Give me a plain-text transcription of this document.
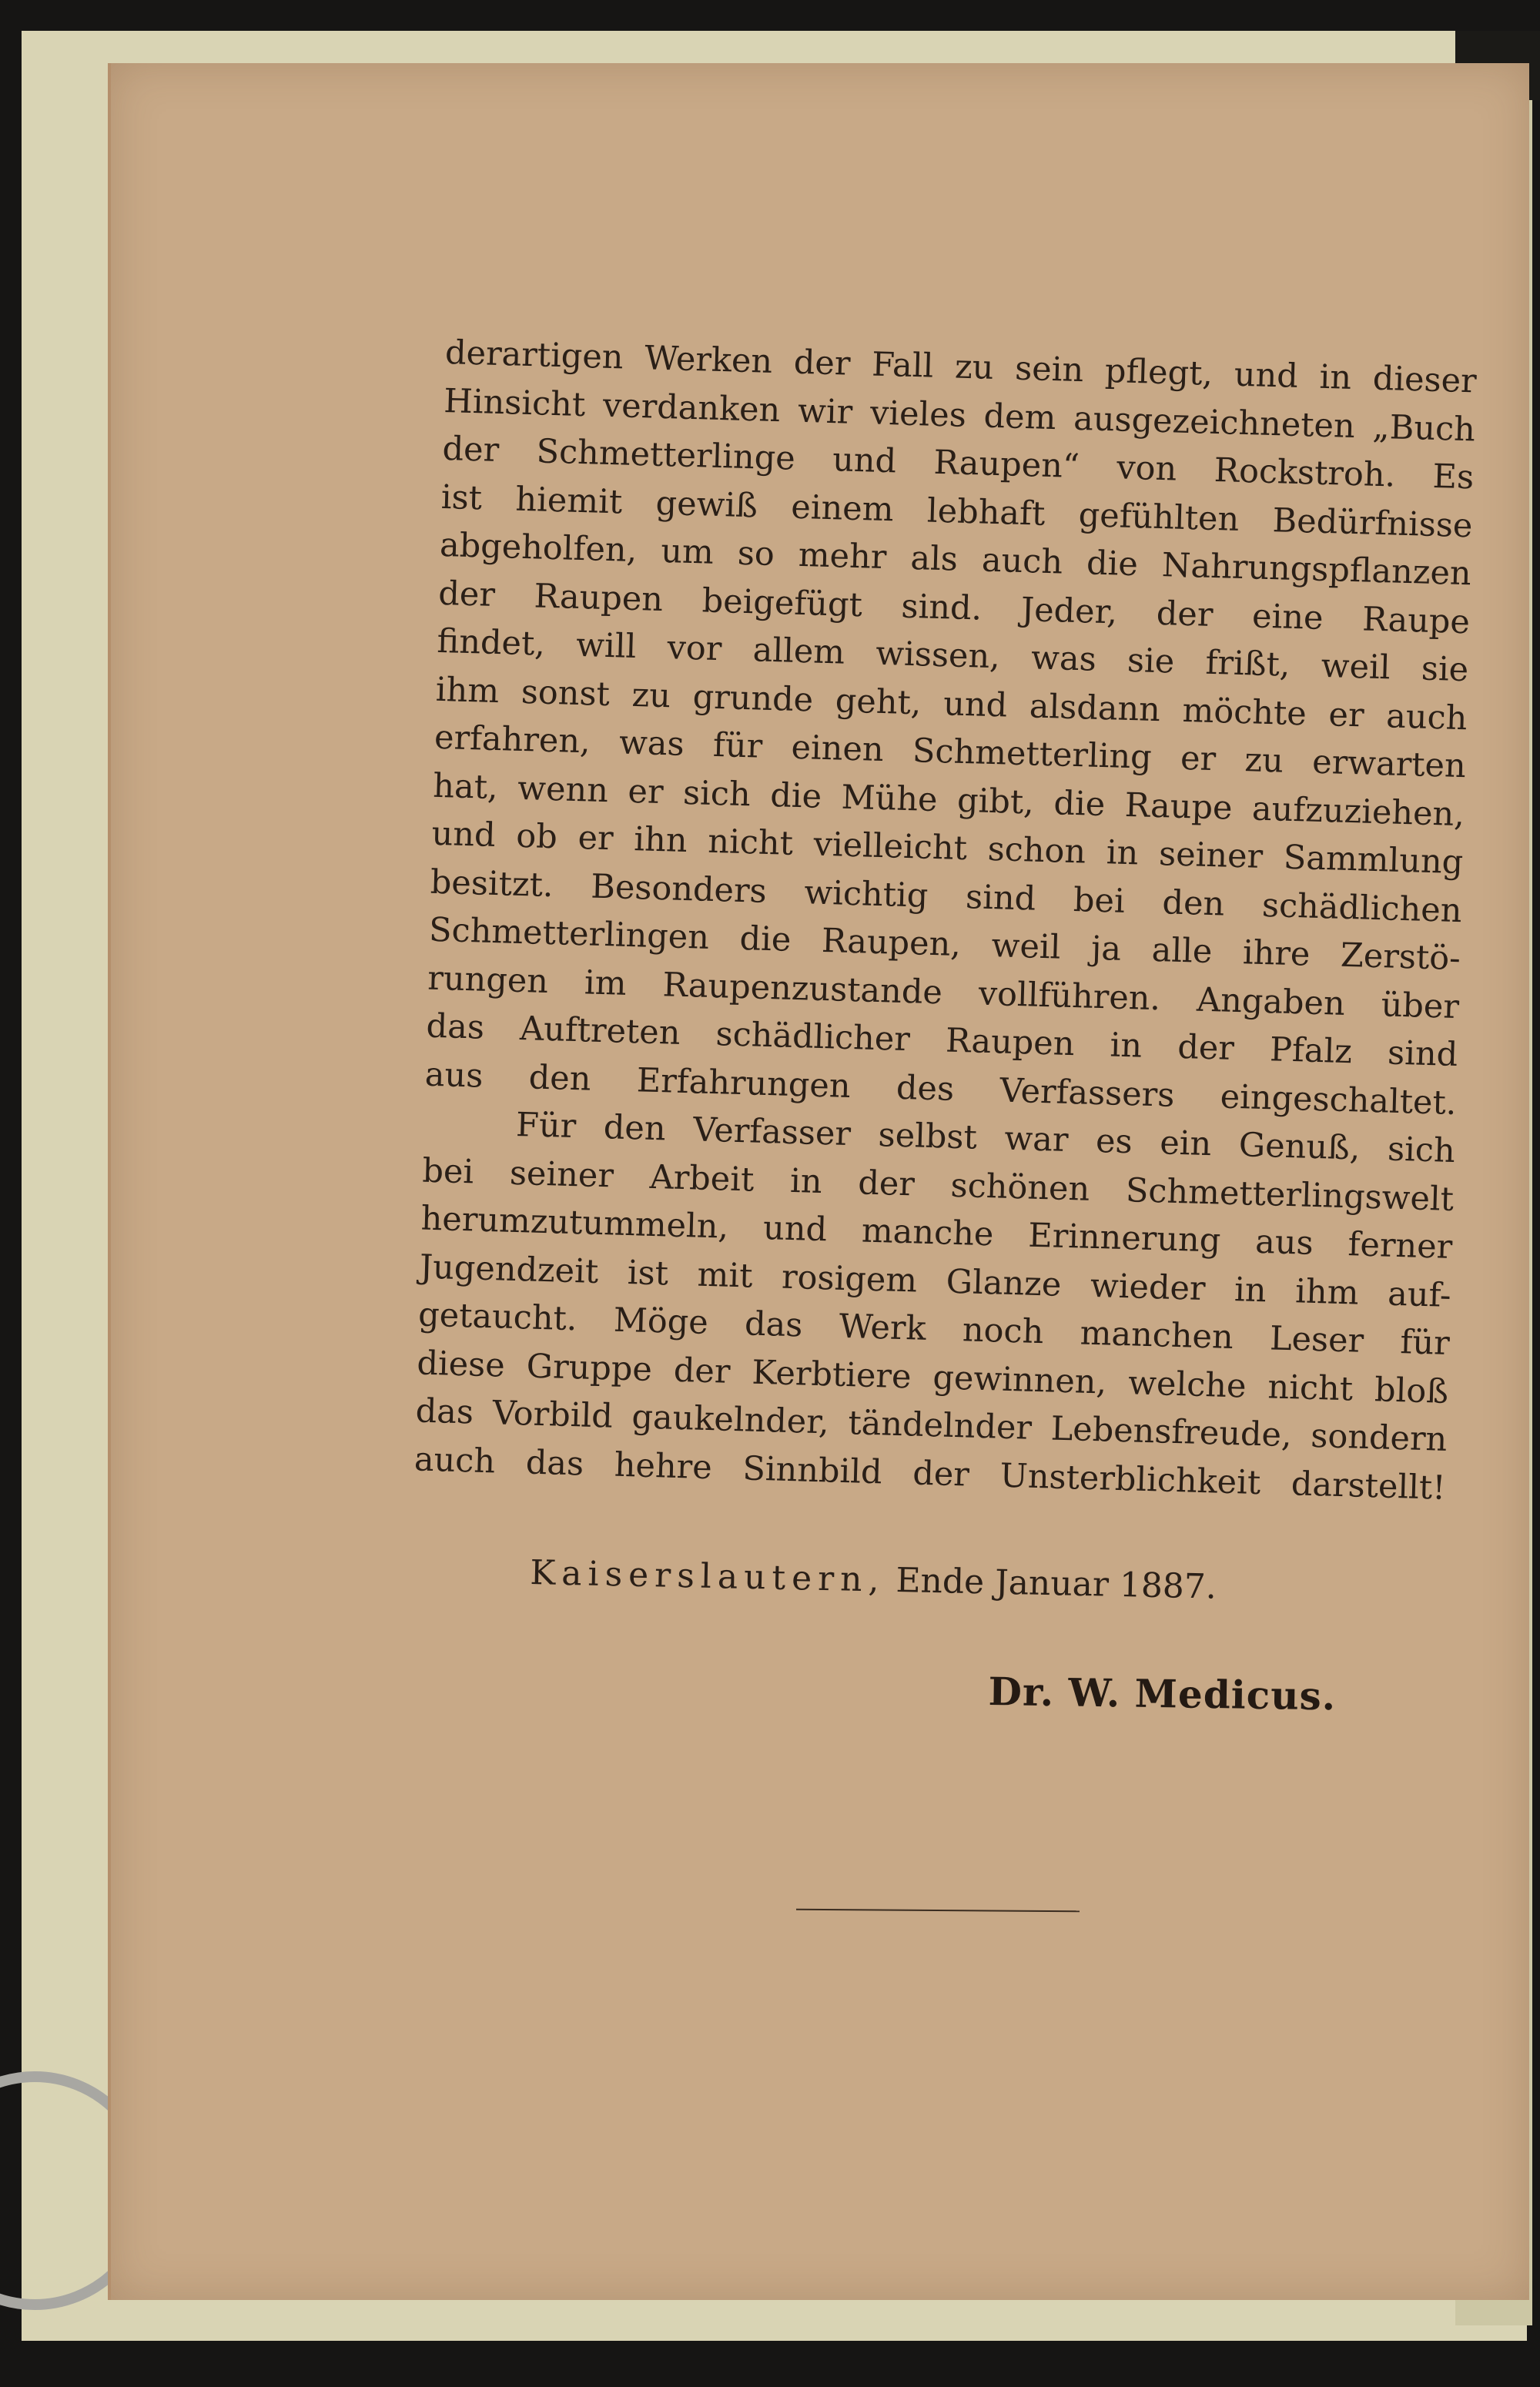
derartigen Werken der Fall zu sein pflegt, und in dieser
Hinsicht verdanken wir vieles dem ausgezeichneten „Buch
der Schmetterlinge und Raupen“ von Rockstroh. Es
ist hiemit gewiß einem lebhaft gefühlten Bedürfnisse
abgeholfen, um so mehr als auch die Nahrungspflanzen
der Raupen beigefügt sind. Jeder, der eine Raupe
findet, will vor allem wissen, was sie frißt, weil sie
ihm sonst zu grunde geht, und alsdann möchte er auch
erfahren, was für einen Schmetterling er zu erwarten
hat, wenn er sich die Mühe gibt, die Raupe aufzuziehen,
und ob er ihn nicht vielleicht schon in seiner Sammlung
besitzt. Besonders wichtig sind bei den schädlichen
Schmetterlingen die Raupen, weil ja alle ihre Zerstö-
rungen im Raupenzustande vollführen. Angaben über
das Auftreten schädlicher Raupen in der Pfalz sind
aus den Erfahrungen des Verfassers eingeschaltet.

Für den Verfasser selbst war es ein Genuß, sich
bei seiner Arbeit in der schönen Schmetterlingswelt
herumzutummeln, und manche Erinnerung aus ferner
Jugendzeit ist mit rosigem Glanze wieder in ihm auf-
getaucht. Möge das Werk noch manchen Leser für
diese Gruppe der Kerbtiere gewinnen, welche nicht bloß
das Vorbild gaukelnder, tändelnder Lebensfreude, sondern
auch das hehre Sinnbild der Unsterblichkeit darstellt!

Kaiserslautern, Ende Januar 1887.
Dr. W. Medicus.
